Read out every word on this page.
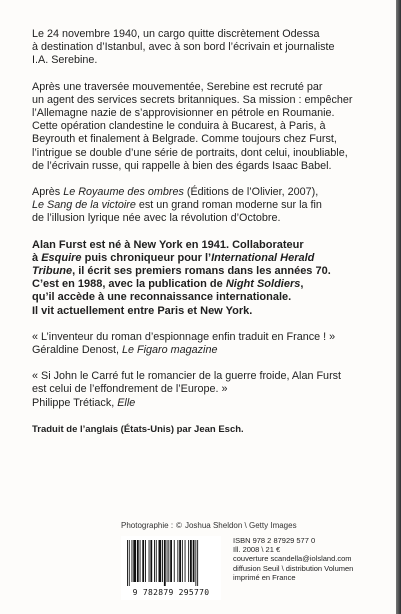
Le 24 novembre 1940, un cargo quitte discrètement Odessa
à destination d’Istanbul, avec à son bord l’écrivain et journaliste
I.A. Serebine.

Après une traversée mouvementée, Serebine est recruté par
un agent des services secrets britanniques. Sa mission : empêcher
l’Allemagne nazie de s’approvisionner en pétrole en Roumanie.
Cette opération clandestine le conduira à Bucarest, à Paris, à
Beyrouth et finalement à Belgrade. Comme toujours chez Furst,
l’intrigue se double d’une série de portraits, dont celui, inoubliable,
de l’écrivain russe, qui rappelle à bien des égards Isaac Babel.

Après Le Royaume des ombres (Éditions de l’Olivier, 2007),
Le Sang de la victoire est un grand roman moderne sur la fin
de l’illusion lyrique née avec la révolution d’Octobre.

Alan Furst est né à New York en 1941. Collaborateur
à Esquire puis chroniqueur pour l’International Herald
Tribune, il écrit ses premiers romans dans les années 70.
C’est en 1988, avec la publication de Night Soldiers,
qu’il accède à une reconnaissance internationale.
Il vit actuellement entre Paris et New York.

« L’inventeur du roman d’espionnage enfin traduit en France ! »
Géraldine Denost, Le Figaro magazine

« Si John le Carré fut le romancier de la guerre froide, Alan Furst
est celui de l’effondrement de l’Europe. »
Philippe Trétiack, Elle

Traduit de l’anglais (États-Unis) par Jean Esch.

Photographie : © Joshua Sheldon \ Getty Images
9 782879 295770
ISBN 978 2 87929 577 0
Ill. 2008 \ 21 €
couverture scandella@iolsland.com
diffusion Seuil \ distribution Volumen
imprimé en France
